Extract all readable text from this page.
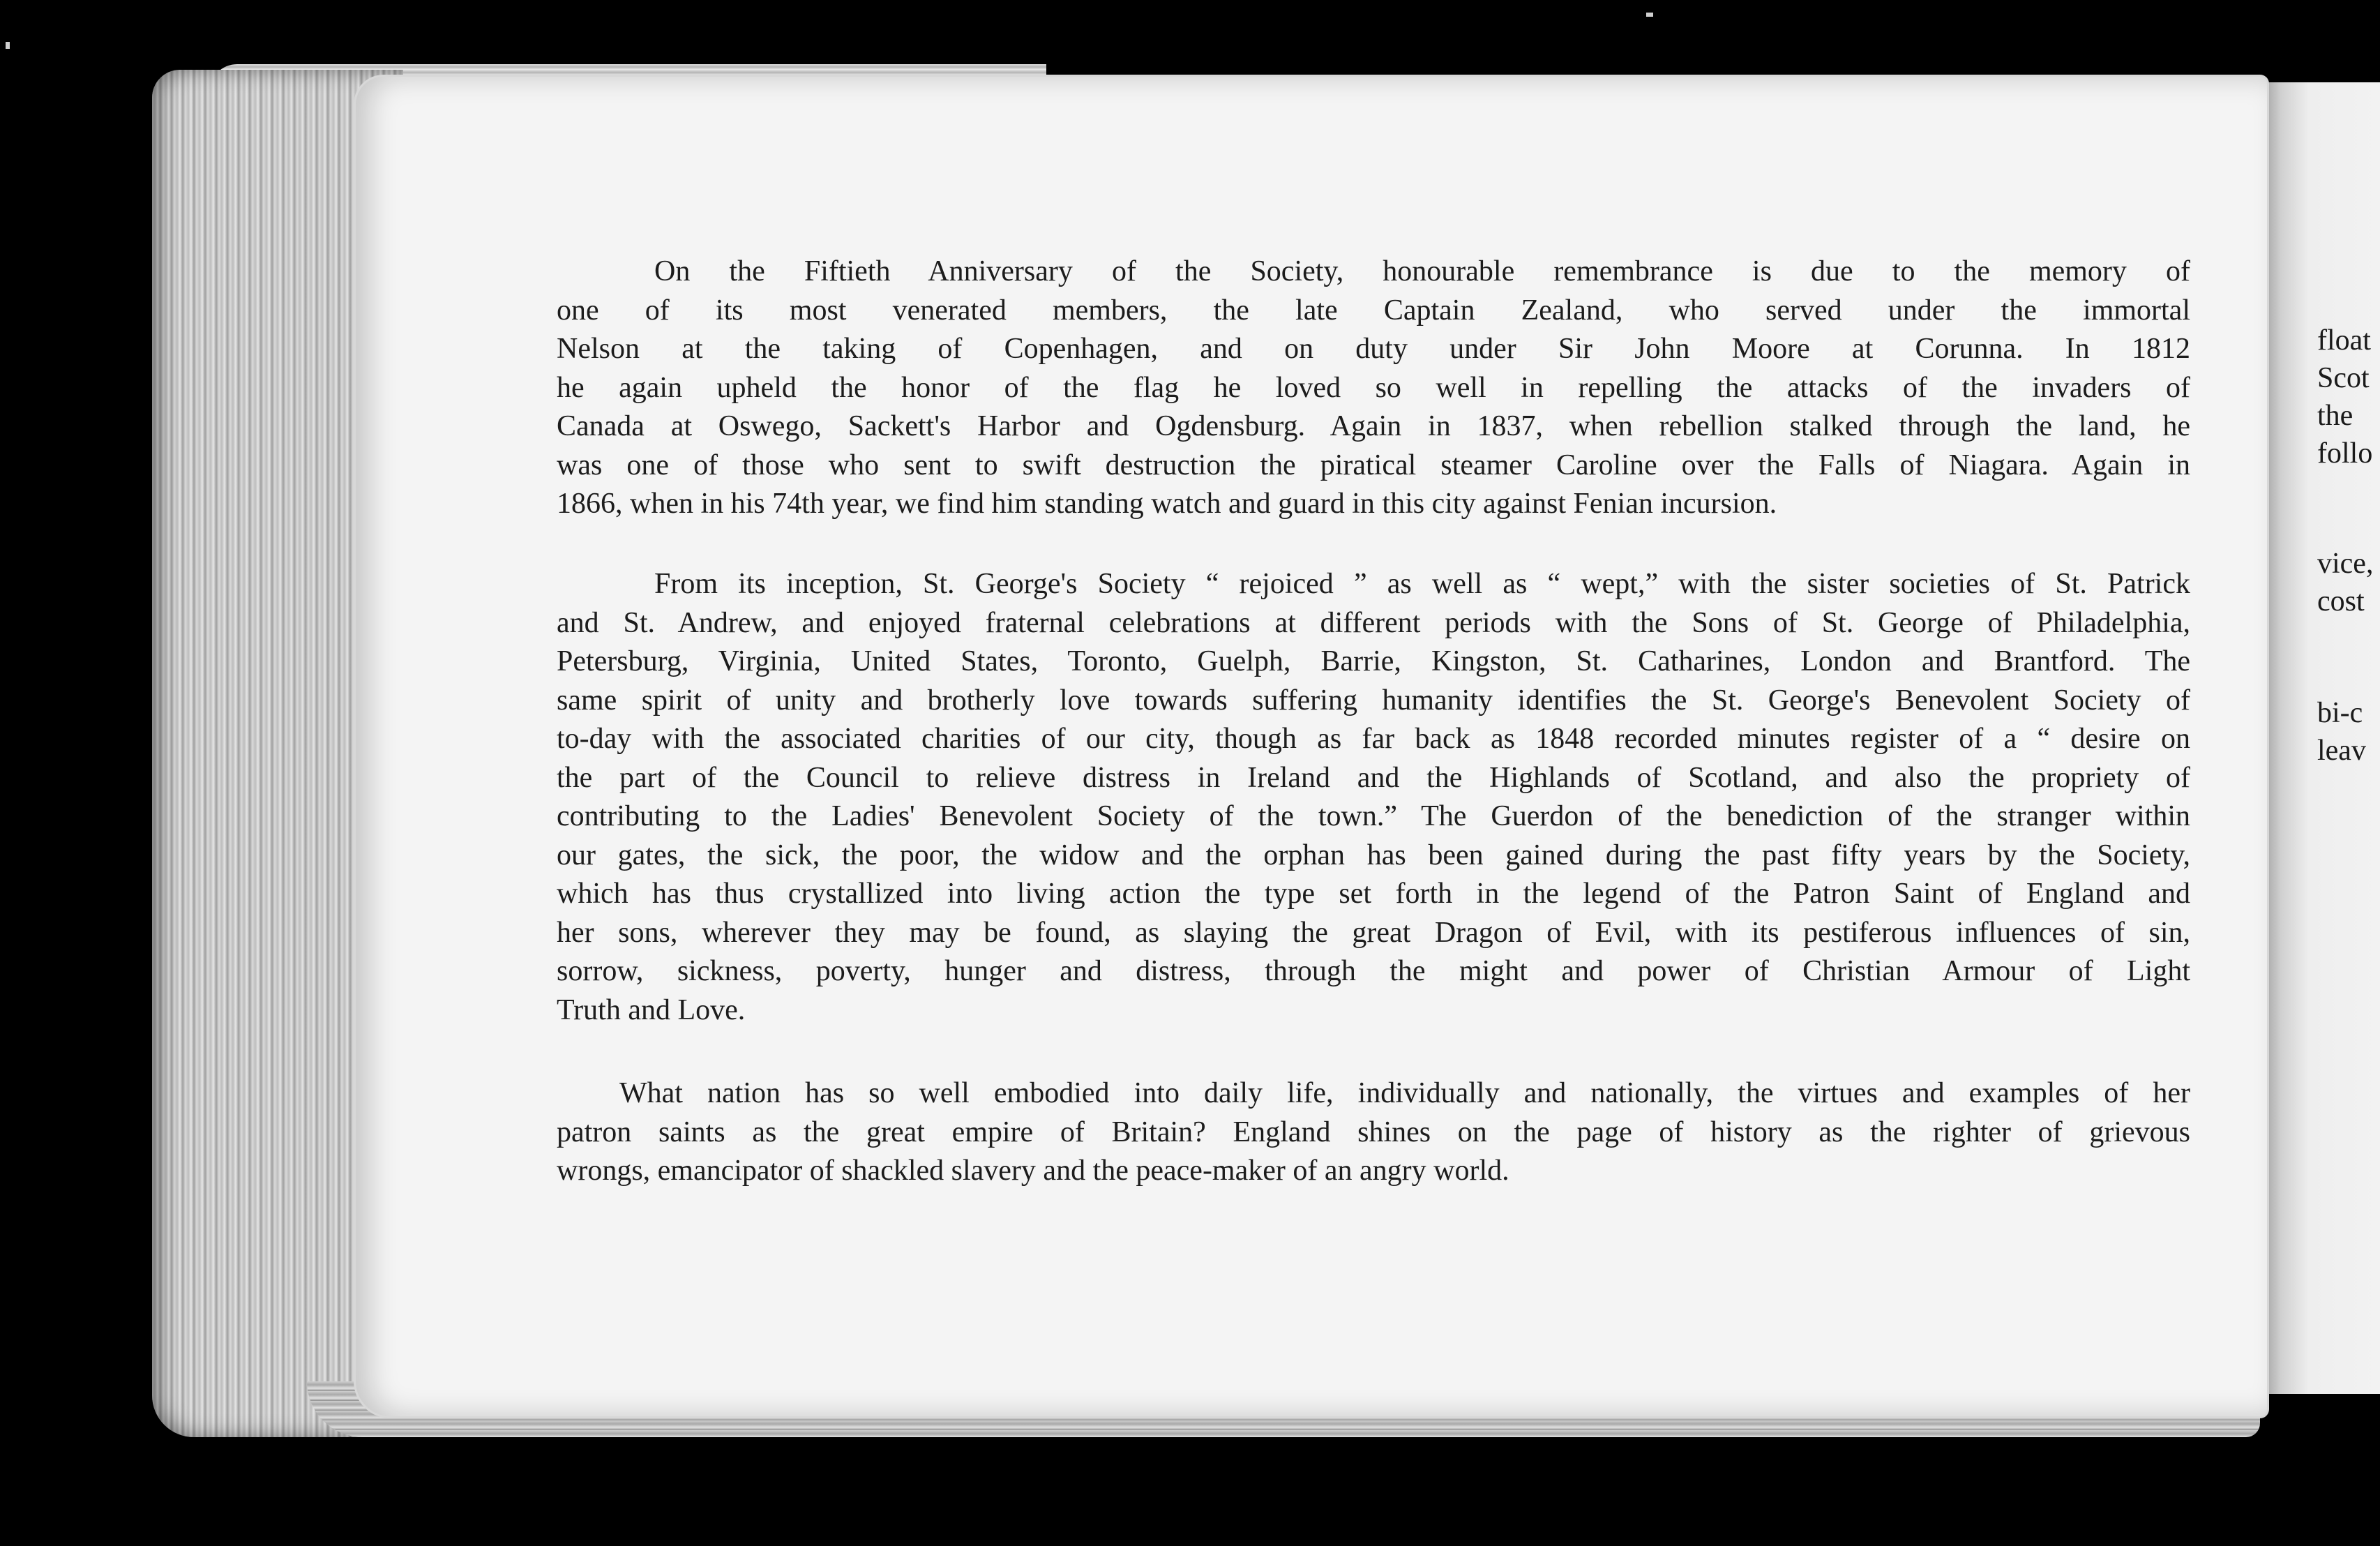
float
Scot
the
follo
vice,
cost
bi-c
leav
On the Fiftieth Anniversary of the Society, honourable remembrance is due to the memory of
one of its most venerated members, the late Captain Zealand, who served under the immortal
Nelson at the taking of Copenhagen, and on duty under Sir John Moore at Corunna. In 1812
he again upheld the honor of the flag he loved so well in repelling the attacks of the invaders of
Canada at Oswego, Sackett's Harbor and Ogdensburg. Again in 1837, when rebellion stalked through the land, he
was one of those who sent to swift destruction the piratical steamer Caroline over the Falls of Niagara. Again in
1866, when in his 74th year, we find him standing watch and guard in this city against Fenian incursion.
From its inception, St. George's Society “ rejoiced ” as well as “ wept,” with the sister societies of St. Patrick
and St. Andrew, and enjoyed fraternal celebrations at different periods with the Sons of St. George of Philadelphia,
Petersburg, Virginia, United States, Toronto, Guelph, Barrie, Kingston, St. Catharines, London and Brantford. The
same spirit of unity and brotherly love towards suffering humanity identifies the St. George's Benevolent Society of
to-day with the associated charities of our city, though as far back as 1848 recorded minutes register of a “ desire on
the part of the Council to relieve distress in Ireland and the Highlands of Scotland, and also the propriety of
contributing to the Ladies' Benevolent Society of the town.” The Guerdon of the benediction of the stranger within
our gates, the sick, the poor, the widow and the orphan has been gained during the past fifty years by the Society,
which has thus crystallized into living action the type set forth in the legend of the Patron Saint of England and
her sons, wherever they may be found, as slaying the great Dragon of Evil, with its pestiferous influences of sin,
sorrow, sickness, poverty, hunger and distress, through the might and power of Christian Armour of Light
Truth and Love.
What nation has so well embodied into daily life, individually and nationally, the virtues and examples of her
patron saints as the great empire of Britain? England shines on the page of history as the righter of grievous
wrongs, emancipator of shackled slavery and the peace-maker of an angry world.
